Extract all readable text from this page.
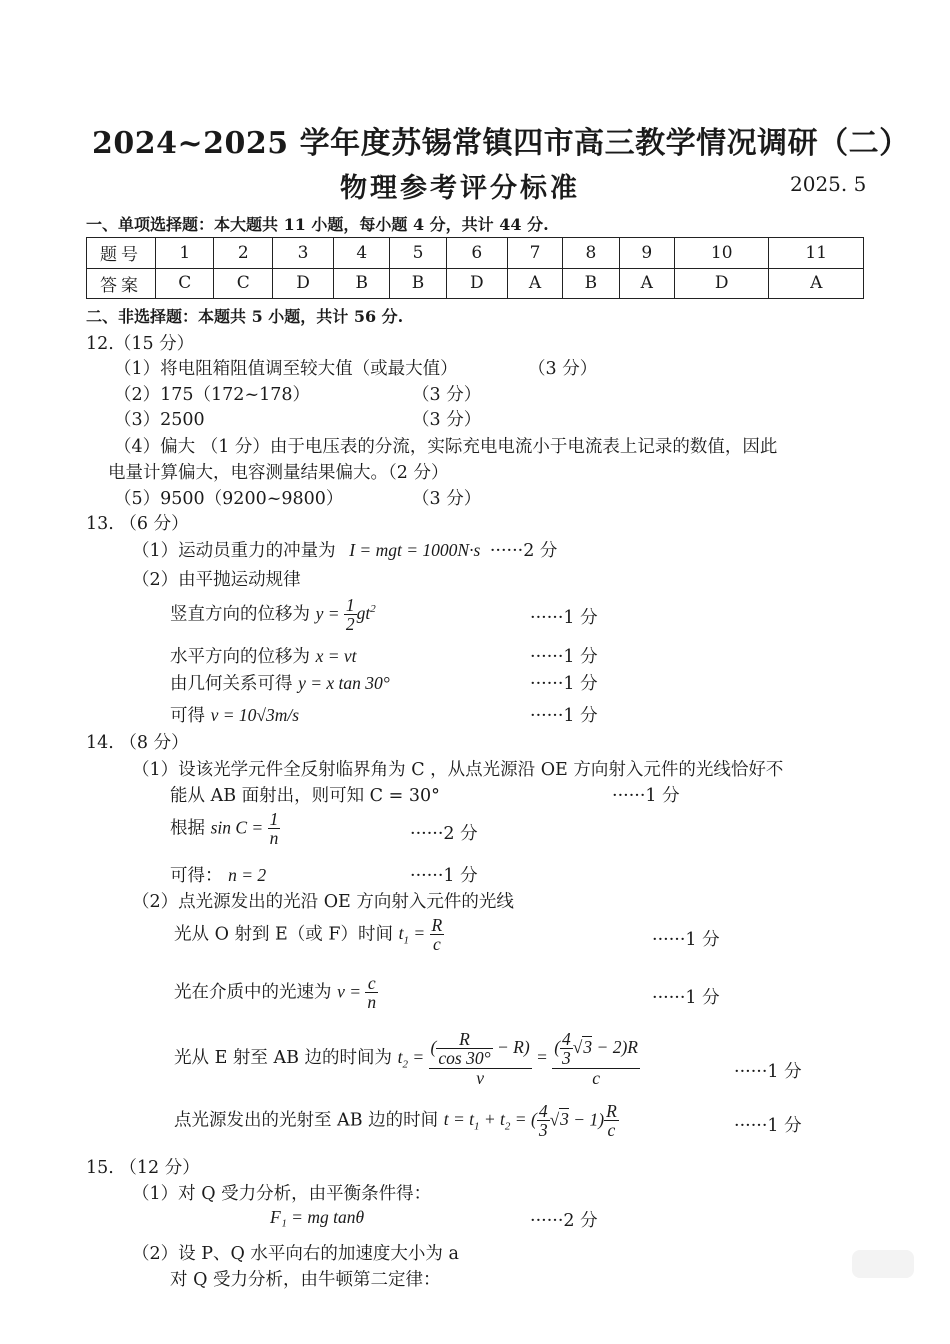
2024~2025 学年度苏锡常镇四市高三教学情况调研（二）
物理参考评分标准	2025. 5
一、单项选择题：本大题共 11 小题，每小题 4 分，共计 44 分.
题号	1	2	3	4	5	6	7	8	9	10	11
答案	C	C	D	B	B	D	A	B	A	D	A
二、非选择题：本题共 5 小题，共计 56 分.
12.（15 分）
（1）将电阻箱阻值调至较大值（或最大值）	（3 分）
（2）175（172~178）	（3 分）
（3）2500	（3 分）
（4）偏大 （1 分）由于电压表的分流，实际充电电流小于电流表上记录的数值，因此
电量计算偏大，电容测量结果偏大。（2 分）
（5）9500（9200~9800）	（3 分）
13. （6 分）
（1）运动员重力的冲量为 I = mgt = 1000N·s ······2 分
（2）由平抛运动规律
竖直方向的位移为 $y = \frac{1}{2} gt^2$	······1 分
水平方向的位移为 x = vt	······1 分
由几何关系可得 y = x tan 30°	······1 分
可得 v = 10√3m/s	······1 分
14. （8 分）
（1）设该光学元件全反射临界角为 C ，从点光源沿 OE 方向射入元件的光线恰好不
能从 AB 面射出，则可知 C = 30°	······1 分
根据 $\sin C = \frac{1}{n}$	······2 分
可得： n = 2	······1 分
（2）点光源发出的光沿 OE 方向射入元件的光线
光从 O 射到 E（或 F）时间 $t_1 = \frac{R}{c}$	······1 分
光在介质中的光速为 $v = \frac{c}{n}$	······1 分
光从 E 射至 AB 边的时间为 $t_2 = \frac{( \frac{R}{\cos 30^\circ} - R)}{v} = \frac{( \frac{4}{3} √3 - 2)R}{c}$	······1 分
点光源发出的光射至 AB 边的时间 $t = t_1 + t_2$ = ( $\frac{4}{3} √3 - 1) \frac{R}{c}$	······1 分
15. （12 分）
（1）对 Q 受力分析，由平衡条件得：
F₁ = mg tanθ	······2 分
（2）设 P、Q 水平向右的加速度大小为 a
对 Q 受力分析，由牛顿第二定律：
